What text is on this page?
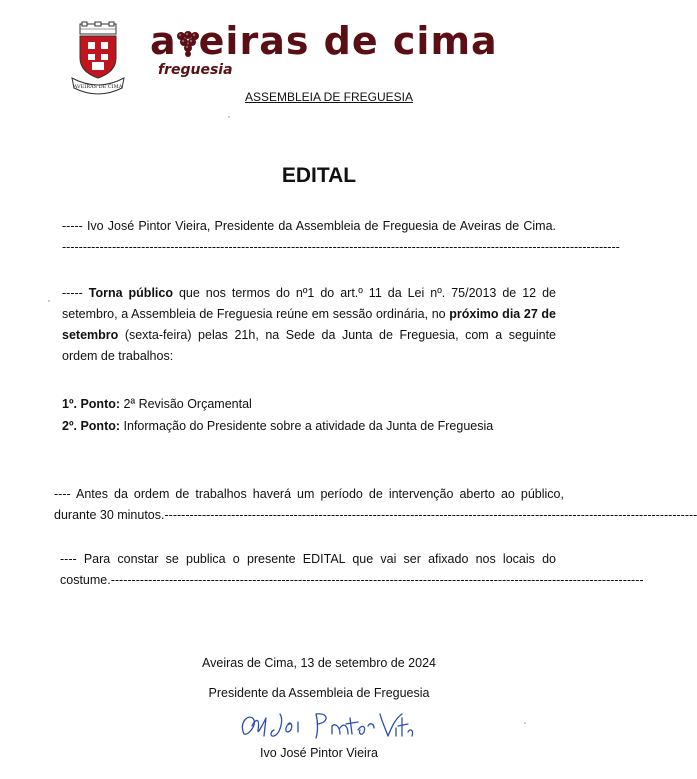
AVEIRAS DE CIMA
a eiras de cima
freguesia
ASSEMBLEIA DE FREGUESIA
EDITAL
----- Ivo José Pintor Vieira, Presidente da Assembleia de Freguesia de Aveiras de Cima. --------------------------------------------------------------------------------------------------------------------------------------
----- Torna público que nos termos do nº1 do art.º 11 da Lei nº. 75/2013 de 12 de setembro, a Assembleia de Freguesia reúne em sessão ordinária, no próximo dia 27 de setembro (sexta-feira) pelas 21h, na Sede da Junta de Freguesia, com a seguinte ordem de trabalhos:
1º. Ponto: 2ª Revisão Orçamental
2º. Ponto: Informação do Presidente sobre a atividade da Junta de Freguesia
---- Antes da ordem de trabalhos haverá um período de intervenção aberto ao público, durante 30 minutos.--------------------------------------------------------------------------------------------------------------------------------
---- Para constar se publica o presente EDITAL que vai ser afixado nos locais do costume.--------------------------------------------------------------------------------------------------------------------------------
Aveiras de Cima, 13 de setembro de 2024
Presidente da Assembleia de Freguesia
Ivo José Pintor Vieira
